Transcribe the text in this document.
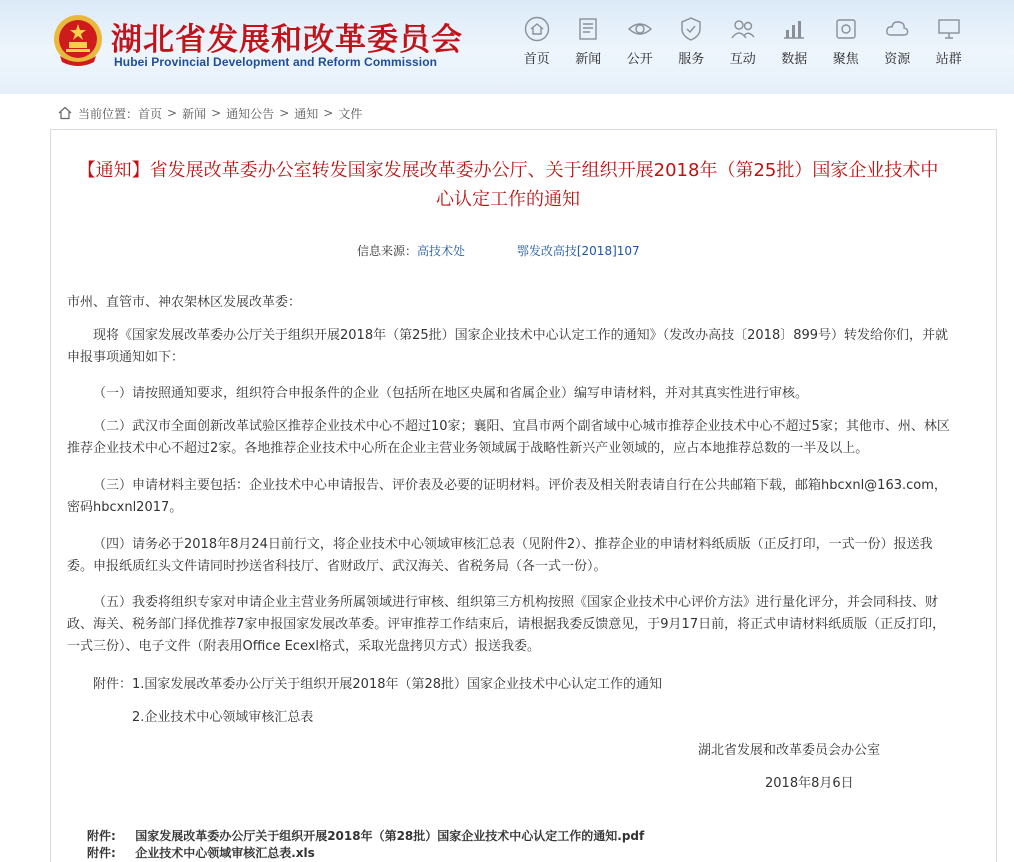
湖北省发展和改革委员会
Hubei Provincial Development and Reform Commission	首页	新闻	公开	服务	互动	数据	聚焦	资源	站群
当前位置： 首页 > 新闻 > 通知公告 > 通知 > 文件
【通知】省发展改革委办公室转发国家发展改革委办公厅、关于组织开展2018年（第25批）国家企业技术中心认定工作的通知
信息来源：高技术处	鄂发改高技[2018]107
市州、直管市、神农架林区发展改革委：
现将《国家发展改革委办公厅关于组织开展2018年（第25批）国家企业技术中心认定工作的通知》（发改办高技〔2018〕899号）转发给你们，并就申报事项通知如下：
（一）请按照通知要求，组织符合申报条件的企业（包括所在地区央属和省属企业）编写申请材料，并对其真实性进行审核。
（二）武汉市全面创新改革试验区推荐企业技术中心不超过10家；襄阳、宜昌市两个副省域中心城市推荐企业技术中心不超过5家；其他市、州、林区推荐企业技术中心不超过2家。各地推荐企业技术中心所在企业主营业务领域属于战略性新兴产业领域的，应占本地推荐总数的一半及以上。
（三）申请材料主要包括：企业技术中心申请报告、评价表及必要的证明材料。评价表及相关附表请自行在公共邮箱下载，邮箱hbcxnl@163.com，密码hbcxnl2017。
（四）请务必于2018年8月24日前行文，将企业技术中心领域审核汇总表（见附件2）、推荐企业的申请材料纸质版（正反打印，一式一份）报送我委。申报纸质红头文件请同时抄送省科技厅、省财政厅、武汉海关、省税务局（各一式一份）。
（五）我委将组织专家对申请企业主营业务所属领域进行审核、组织第三方机构按照《国家企业技术中心评价方法》进行量化评分，并会同科技、财政、海关、税务部门择优推荐7家申报国家发展改革委。评审推荐工作结束后，请根据我委反馈意见，于9月17日前，将正式申请材料纸质版（正反打印，一式三份）、电子文件（附表用Office Ecexl格式，采取光盘拷贝方式）报送我委。
附件：1.国家发展改革委办公厅关于组织开展2018年（第28批）国家企业技术中心认定工作的通知
2.企业技术中心领域审核汇总表
湖北省发展和改革委员会办公室
2018年8月6日
附件: 国家发展改革委办公厅关于组织开展2018年（第28批）国家企业技术中心认定工作的通知.pdf
附件: 企业技术中心领域审核汇总表.xls
